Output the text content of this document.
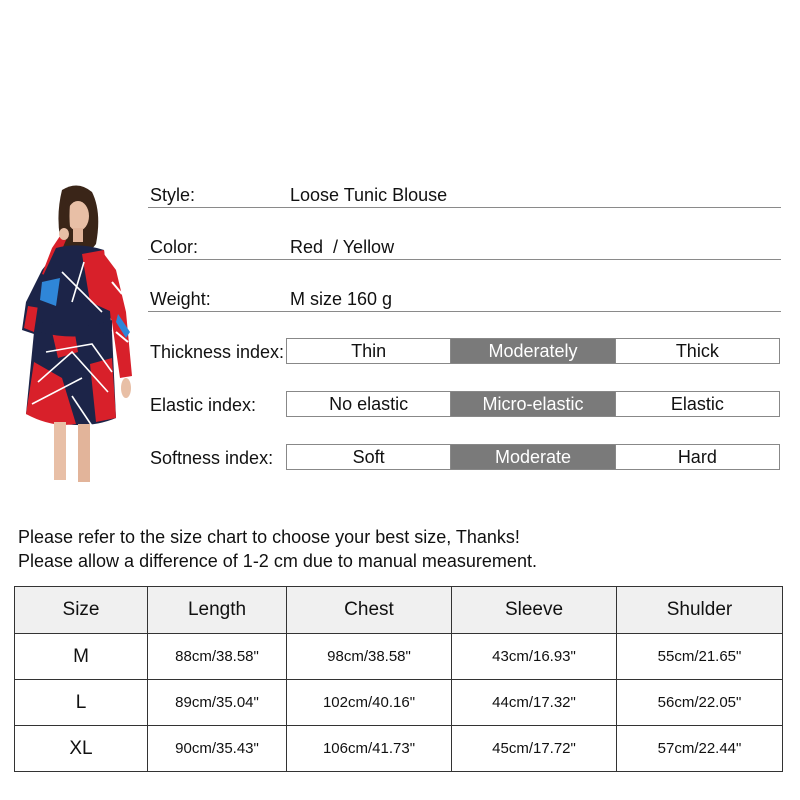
Style:	Loose Tunic Blouse
Color:	Red  / Yellow
Weight:	M size 160 g
Thickness index:	Thin	Moderately	Thick
Elastic index:	No elastic	Micro-elastic	Elastic
Softness index:	Soft	Moderate	Hard
Please refer to the size chart to choose your best size, Thanks!
Please allow a difference of 1-2 cm due to manual measurement.
Size	Length	Chest	Sleeve	Shulder
M	88cm/38.58"	98cm/38.58"	43cm/16.93"	55cm/21.65"
L	89cm/35.04"	102cm/40.16"	44cm/17.32"	56cm/22.05"
XL	90cm/35.43"	106cm/41.73"	45cm/17.72"	57cm/22.44"
